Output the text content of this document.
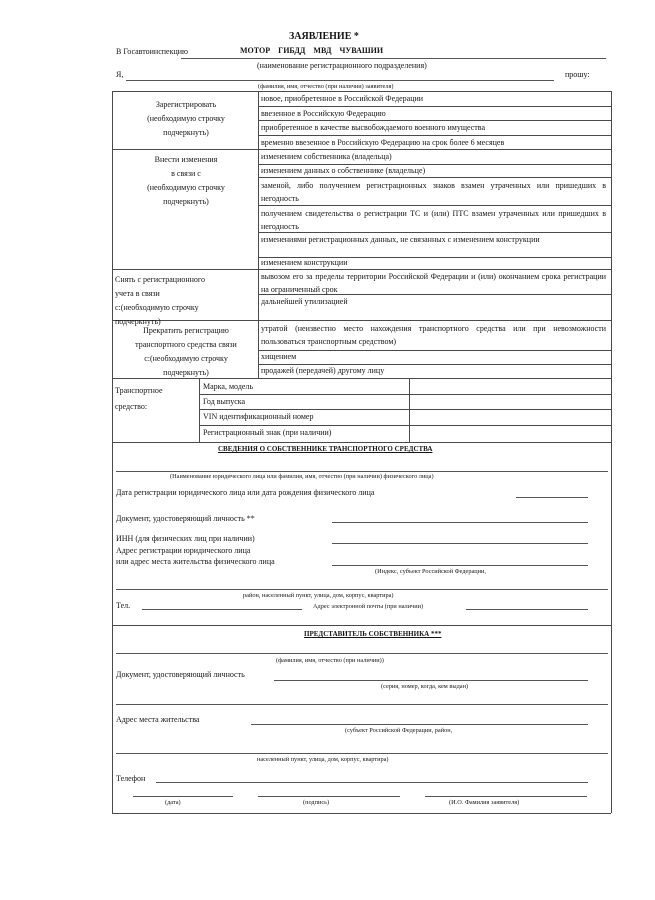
ЗАЯВЛЕНИЕ *
В Госавтоинспекцию	МОТОР ГИБДД МВД ЧУВАШИИ
(наименование регистрационного подразделения)
Я,	прошу:
(фамилия, имя, отчество (при наличии) заявителя)
Зарегистрировать
(необходимую строчку
подчеркнуть)
новое, приобретенное в Российской Федерации
ввезенное в Российскую Федерацию
приобретенное в качестве высвобождаемого военного имущества
временно ввезенное в Российскую Федерацию на срок более 6 месяцев
Внести изменения
в связи с
(необходимую строчку
подчеркнуть)
изменением собственника (владельца)
изменением данных о собственнике (владельце)
заменой, либо получением регистрационных знаков взамен утраченных или пришедших в негодность
получением свидетельства о регистрации ТС и (или) ПТС взамен утраченных или пришедших в негодность
изменениями регистрационных данных, не связанных с изменением конструкции
изменением конструкции
Снять с регистрационного
учета в связи
с:(необходимую строчку
подчеркнуть)
вывозом его за пределы территории Российской Федерации и (или) окончанием срока регистрации на ограниченный срок
дальнейшей утилизацией
Прекратить регистрацию
транспортного средства связи
с:(необходимую строчку
подчеркнуть)
утратой (неизвестно место нахождения транспортного средства или при невозможности пользоваться транспортным средством)
хищением
продажей (передачей) другому лицу
Транспортное
средство:
Марка, модель
Год выпуска
VIN идентификационный номер
Регистрационный знак (при наличии)
СВЕДЕНИЯ О СОБСТВЕННИКЕ ТРАНСПОРТНОГО СРЕДСТВА
(Наименование юридического лица или фамилия, имя, отчество (при наличии) физического лица)
Дата регистрации юридического лица или дата рождения физического лица
Документ, удостоверяющий личность **
ИНН (для физических лиц при наличии)
Адрес регистрации юридического лица
или адрес места жительства физического лица
(Индекс, субъект Российской Федерации,
район, населенный пункт, улица, дом, корпус, квартира)
Тел.	Адрес электронной почты (при наличии)
ПРЕДСТАВИТЕЛЬ СОБСТВЕННИКА ***
(фамилия, имя, отчество (при наличии))
Документ, удостоверяющий личность
(серия, номер, когда, кем выдан)
Адрес места жительства
(субъект Российской Федерации, район,
населенный пункт, улица, дом, корпус, квартира)
Телефон
(дата)	(подпись)	(И.О. Фамилия заявителя)
